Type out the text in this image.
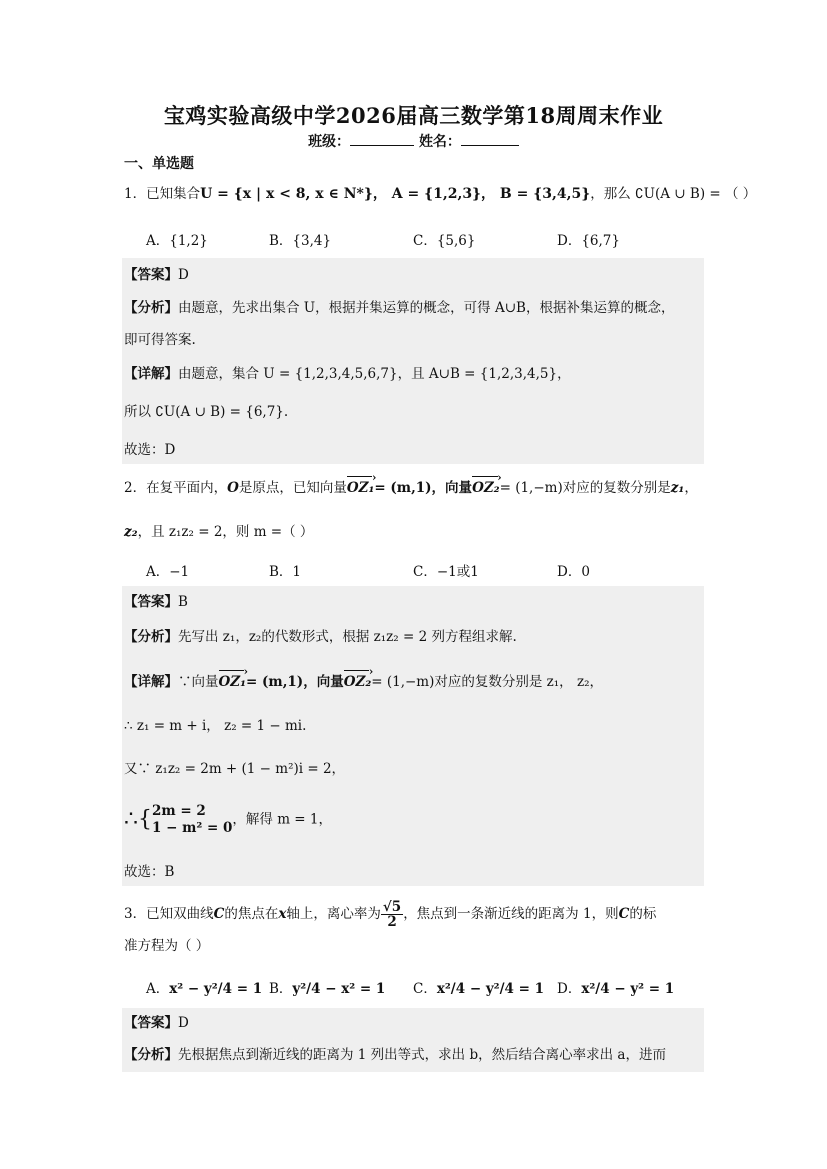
宝鸡实验高级中学2026届高三数学第18周周末作业
班级：	姓名：
一、单选题
1．已知集合U = {x | x < 8, x ∈ N*}， A = {1,2,3}， B = {3,4,5}，那么 ∁U(A ∪ B) = （ ）
A．{1,2}	B．{3,4}	C．{5,6}	D．{6,7}
【答案】D
【分析】由题意，先求出集合 U，根据并集运算的概念，可得 A∪B，根据补集运算的概念，
即可得答案.
【详解】由题意，集合 U = {1,2,3,4,5,6,7}，且 A∪B = {1,2,3,4,5}，
所以 ∁U(A ∪ B) = {6,7}.
故选：D
2．在复平面内，O是原点，已知向量OZ₁ ›= (m,1)，向量OZ₂ ›= (1,−m)对应的复数分别是z₁，
z₂，且 z₁z₂ = 2，则 m =（ ）
A．−1	B．1	C．−1或1	D．0
【答案】B
【分析】先写出 z₁，z₂的代数形式，根据 z₁z₂ = 2 列方程组求解.
【详解】∵向量OZ₁ ›= (m,1)，向量OZ₂ ›= (1,−m)对应的复数分别是 z₁， z₂，
∴ z₁ = m + i， z₂ = 1 − mi.
又∵ z₁z₂ = 2m + (1 − m²)i = 2，
∴{ 2m = 2
1 − m² = 0
，解得 m = 1，
故选：B
3．已知双曲线C的焦点在x轴上，离心率为 $\frac{√5}{2}$ ，焦点到一条渐近线的距离为 1，则C的标
准方程为（ ）
A．x² − y²/4 = 1 B．y²/4 − x² = 1 C．x²/4 − y²/4 = 1 D．x²/4 − y² = 1
【答案】D
【分析】先根据焦点到渐近线的距离为 1 列出等式，求出 b，然后结合离心率求出 a，进而
